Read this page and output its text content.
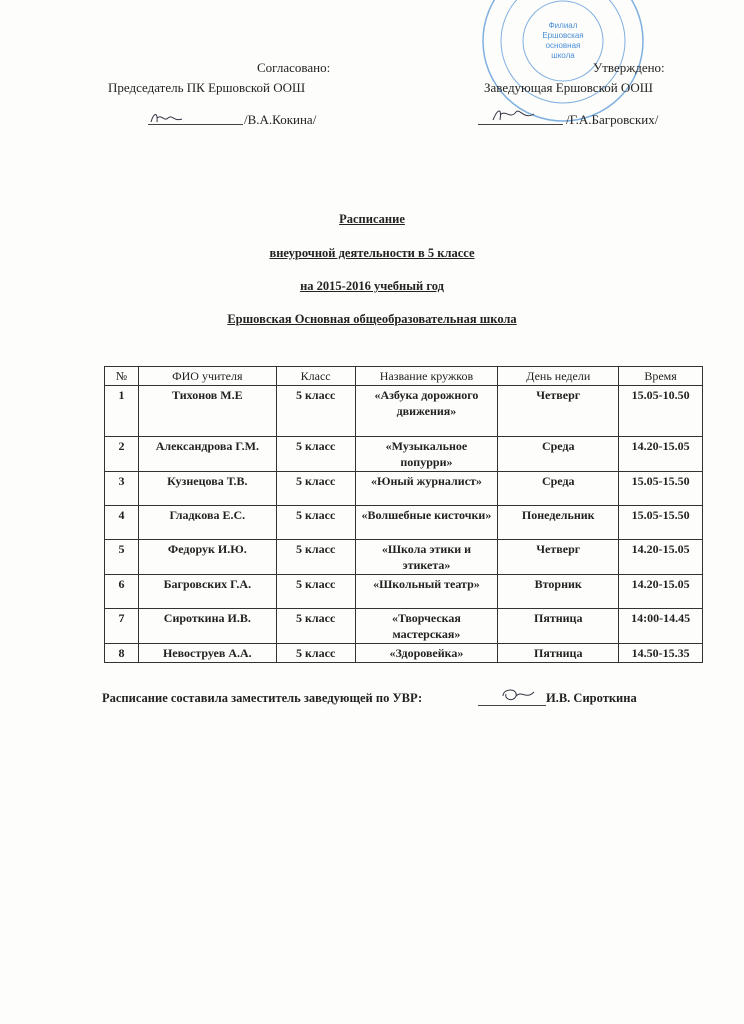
Филиал
Ершовская
основная
школа
Согласовано:
Председатель ПК Ершовской ООШ
/В.А.Кокина/
Утверждено:
Заведующая Ершовской ООШ
/Г.А.Багровских/
Расписание
внеурочной деятельности в 5 классе
на 2015-2016 учебный год
Ершовская Основная общеобразовательная школа
№	ФИО учителя	Класс	Название кружков	День недели	Время
1	Тихонов М.Е	5 класс	«Азбука дорожного движения»	Четверг	15.05-10.50
2	Александрова Г.М.	5 класс	«Музыкальное попурри»	Среда	14.20-15.05
3	Кузнецова Т.В.	5 класс	«Юный журналист»	Среда	15.05-15.50
4	Гладкова Е.С.	5 класс	«Волшебные кисточки»	Понедельник	15.05-15.50
5	Федорук И.Ю.	5 класс	«Школа этики и этикета»	Четверг	14.20-15.05
6	Багровских Г.А.	5 класс	«Школьный театр»	Вторник	14.20-15.05
7	Сироткина И.В.	5 класс	«Творческая мастерская»	Пятница	14:00-14.45
8	Невоструев А.А.	5 класс	«Здоровейка»	Пятница	14.50-15.35
Расписание составила заместитель заведующей по УВР:	И.В. Сироткина
